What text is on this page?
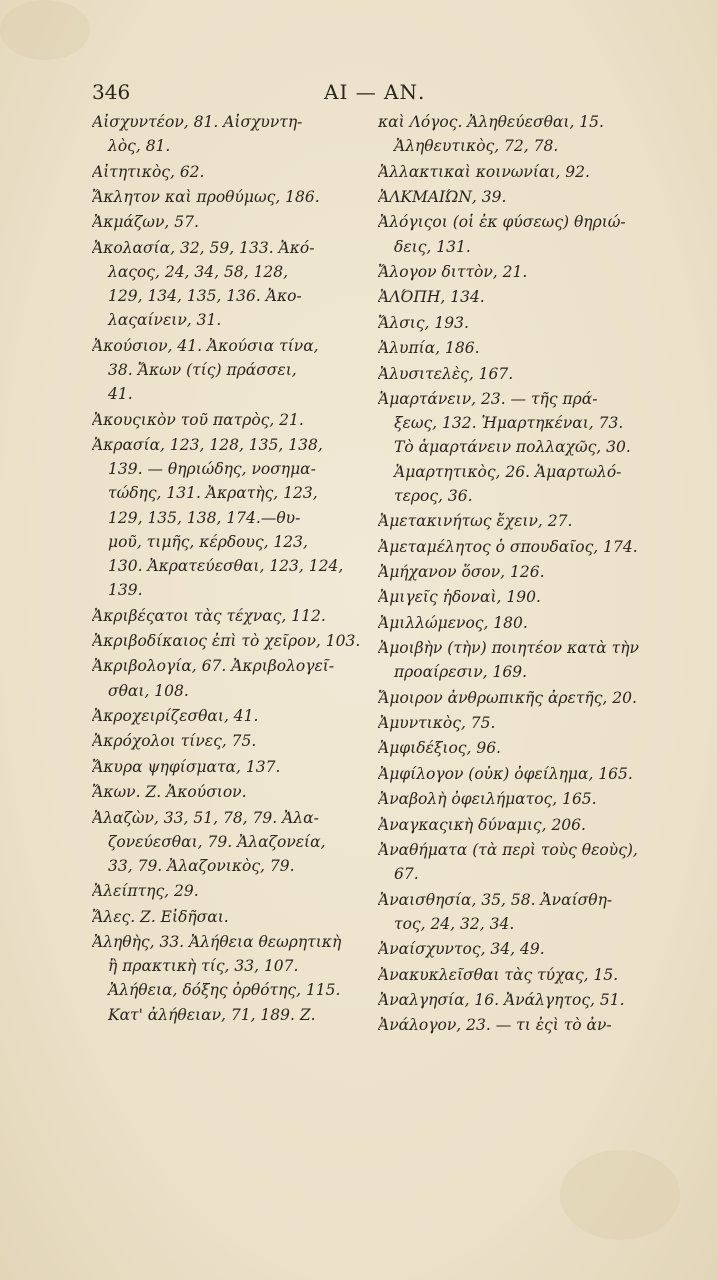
346	ΑΙ — ΑΝ.
Αἰσχυντέον, 81. Αἰσχυντη-
λὸς, 81.
Αἰτητικὸς, 62.
Ἄκλητον καὶ προθύμως, 186.
Ἀκμάζων, 57.
Ἀκολασία, 32, 59, 133. Ἀκό-
λαςος, 24, 34, 58, 128,
129, 134, 135, 136. Ἀκο-
λαςαίνειν, 31.
Ἀκούσιον, 41. Ἀκούσια τίνα,
38. Ἄκων (τίς) πράσσει,
41.
Ἀκουςικὸν τοῦ πατρὸς, 21.
Ἀκρασία, 123, 128, 135, 138,
139. — θηριώδης, νοσημα-
τώδης, 131. Ἀκρατὴς, 123,
129, 135, 138, 174.—θυ-
μοῦ, τιμῆς, κέρδους, 123,
130. Ἀκρατεύεσθαι, 123, 124,
139.
Ἀκριβέςατοι τὰς τέχνας, 112.
Ἀκριβοδίκαιος ἐπὶ τὸ χεῖρον, 103.
Ἀκριβολογία, 67. Ἀκριβολογεῖ-
σθαι, 108.
Ἀκροχειρίζεσθαι, 41.
Ἀκρόχολοι τίνες, 75.
Ἄκυρα ψηφίσματα, 137.
Ἄκων. Ζ. Ἀκούσιον.
Ἀλαζὼν, 33, 51, 78, 79. Ἀλα-
ζονεύεσθαι, 79. Ἀλαζονεία,
33, 79. Ἀλαζονικὸς, 79.
Ἀλείπτης, 29.
Ἄλες. Ζ. Εἰδῆσαι.
Ἀληθὴς, 33. Ἀλήθεια θεωρητικὴ
ἢ πρακτικὴ τίς, 33, 107.
Ἀλήθεια, δόξης ὀρθότης, 115.
Κατ' ἀλήθειαν, 71, 189. Ζ.
καὶ Λόγος. Ἀληθεύεσθαι, 15.
Ἀληθευτικὸς, 72, 78.
Ἀλλακτικαὶ κοινωνίαι, 92.
ἈΛΚΜΑΙΏΝ, 39.
Ἀλόγιςοι (οἱ ἐκ φύσεως) θηριώ-
δεις, 131.
Ἄλογον διττὸν, 21.
ἈΛΌΠΗ, 134.
Ἄλσις, 193.
Ἀλυπία, 186.
Ἀλυσιτελὲς, 167.
Ἁμαρτάνειν, 23. — τῆς πρά-
ξεως, 132. Ἡμαρτηκέναι, 73.
Τὸ ἁμαρτάνειν πολλαχῶς, 30.
Ἁμαρτητικὸς, 26. Ἁμαρτωλό-
τερος, 36.
Ἀμετακινήτως ἔχειν, 27.
Ἀμεταμέλητος ὁ σπουδαῖος, 174.
Ἀμήχανον ὅσον, 126.
Ἀμιγεῖς ἡδοναὶ, 190.
Ἀμιλλώμενος, 180.
Ἀμοιβὴν (τὴν) ποιητέον κατὰ τὴν
προαίρεσιν, 169.
Ἄμοιρον ἀνθρωπικῆς ἀρετῆς, 20.
Ἀμυντικὸς, 75.
Ἀμφιδέξιος, 96.
Ἀμφίλογον (οὐκ) ὀφείλημα, 165.
Ἀναβολὴ ὀφειλήματος, 165.
Ἀναγκαςικὴ δύναμις, 206.
Ἀναθήματα (τὰ περὶ τοὺς θεοὺς),
67.
Ἀναισθησία, 35, 58. Ἀναίσθη-
τος, 24, 32, 34.
Ἀναίσχυντος, 34, 49.
Ἀνακυκλεῖσθαι τὰς τύχας, 15.
Ἀναλγησία, 16. Ἀνάλγητος, 51.
Ἀνάλογον, 23. — τι ἐςὶ τὸ ἀν-
